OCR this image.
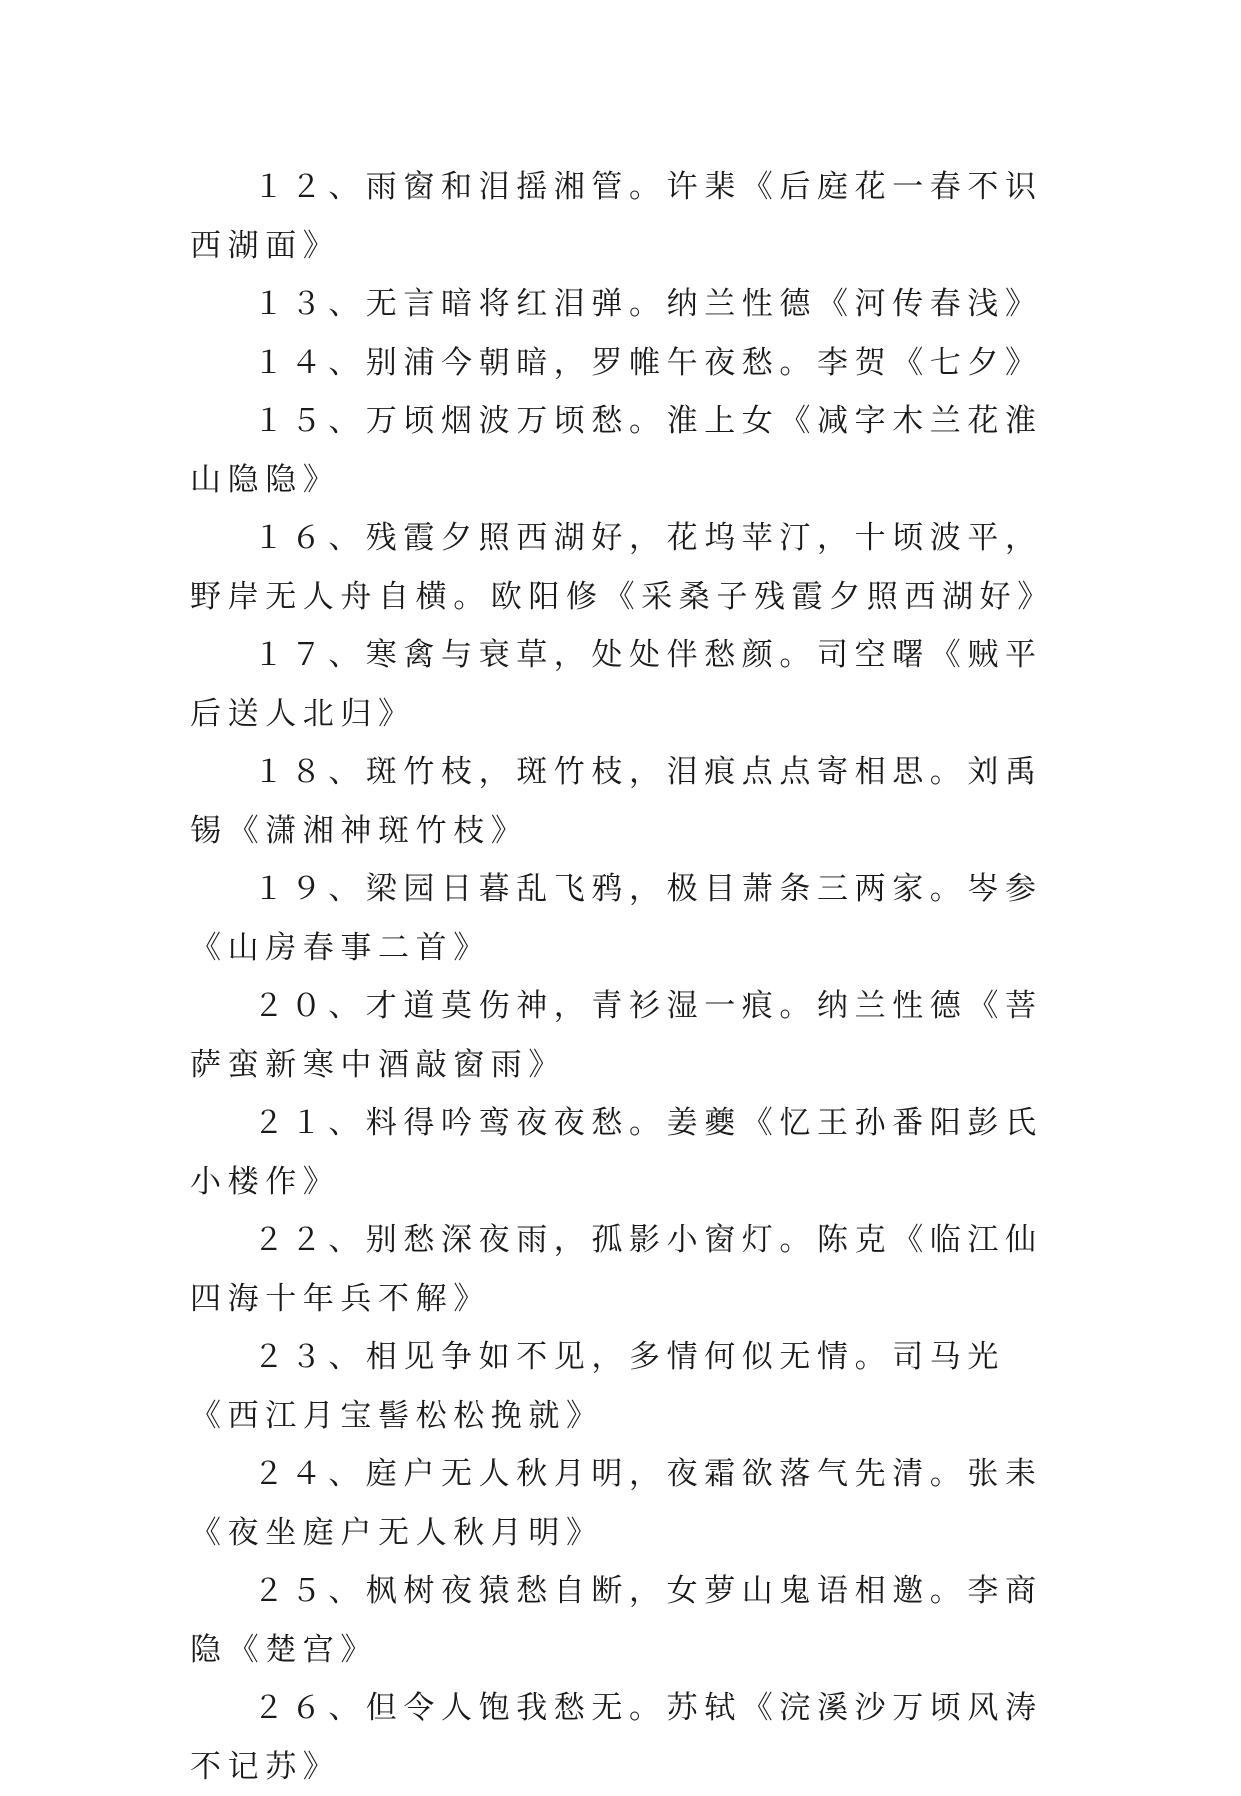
１２、雨窗和泪摇湘管。许棐《后庭花一春不识西湖面》

１３、无言暗将红泪弹。纳兰性德《河传春浅》

１４、别浦今朝暗，罗帷午夜愁。李贺《七夕》

１５、万顷烟波万顷愁。淮上女《减字木兰花淮山隐隐》

１６、残霞夕照西湖好，花坞苹汀，十顷波平，野岸无人舟自横。欧阳修《采桑子残霞夕照西湖好》

１７、寒禽与衰草，处处伴愁颜。司空曙《贼平后送人北归》

１８、斑竹枝，斑竹枝，泪痕点点寄相思。刘禹锡《潇湘神斑竹枝》

１９、梁园日暮乱飞鸦，极目萧条三两家。岑参《山房春事二首》

２０、才道莫伤神，青衫湿一痕。纳兰性德《菩萨蛮新寒中酒敲窗雨》

２１、料得吟鸾夜夜愁。姜夔《忆王孙番阳彭氏小楼作》

２２、别愁深夜雨，孤影小窗灯。陈克《临江仙四海十年兵不解》

２３、相见争如不见，多情何似无情。司马光《西江月宝髻松松挽就》

２４、庭户无人秋月明，夜霜欲落气先清。张耒《夜坐庭户无人秋月明》

２５、枫树夜猿愁自断，女萝山鬼语相邀。李商隐《楚宫》

２６、但令人饱我愁无。苏轼《浣溪沙万顷风涛不记苏》
